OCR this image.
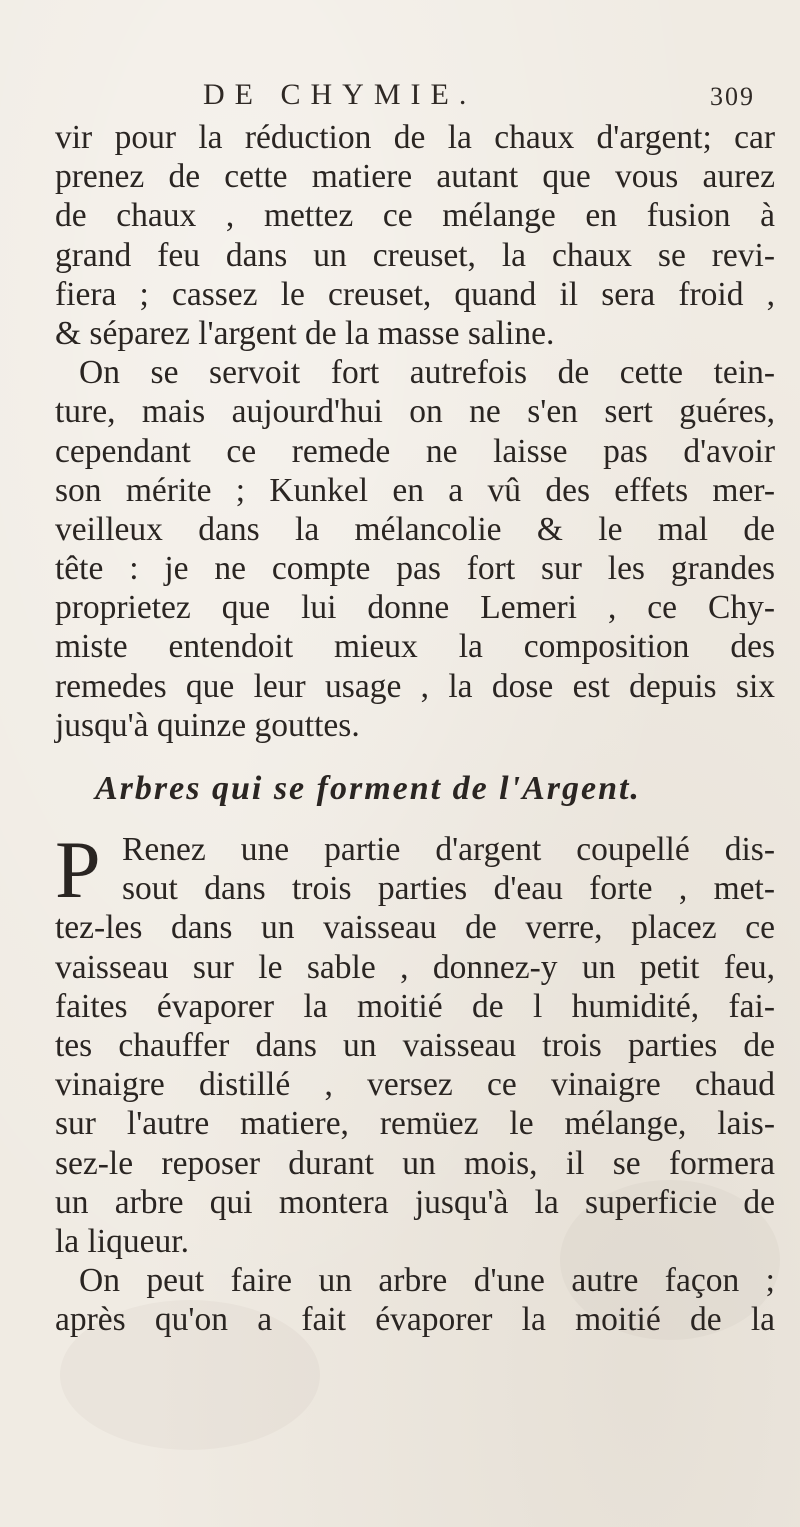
DE CHYMIE.	309
vir pour la réduction de la chaux d'argent; car
prenez de cette matiere autant que vous aurez
de chaux , mettez ce mélange en fusion à
grand feu dans un creuset, la chaux se revi-
fiera ; cassez le creuset, quand il sera froid ,
& séparez l'argent de la masse saline.
On se servoit fort autrefois de cette tein-
ture, mais aujourd'hui on ne s'en sert guéres,
cependant ce remede ne laisse pas d'avoir
son mérite ; Kunkel en a vû des effets mer-
veilleux dans la mélancolie & le mal de
tête : je ne compte pas fort sur les grandes
proprietez que lui donne Lemeri , ce Chy-
miste entendoit mieux la composition des
remedes que leur usage , la dose est depuis six
jusqu'à quinze gouttes.
Arbres qui se forment de l'Argent.
P Renez une partie d'argent coupellé dis-
sout dans trois parties d'eau forte , met-
tez-les dans un vaisseau de verre, placez ce
vaisseau sur le sable , donnez-y un petit feu,
faites évaporer la moitié de l humidité, fai-
tes chauffer dans un vaisseau trois parties de
vinaigre distillé , versez ce vinaigre chaud
sur l'autre matiere, remüez le mélange, lais-
sez-le reposer durant un mois, il se formera
un arbre qui montera jusqu'à la superficie de
la liqueur.
On peut faire un arbre d'une autre façon ;
après qu'on a fait évaporer la moitié de la
